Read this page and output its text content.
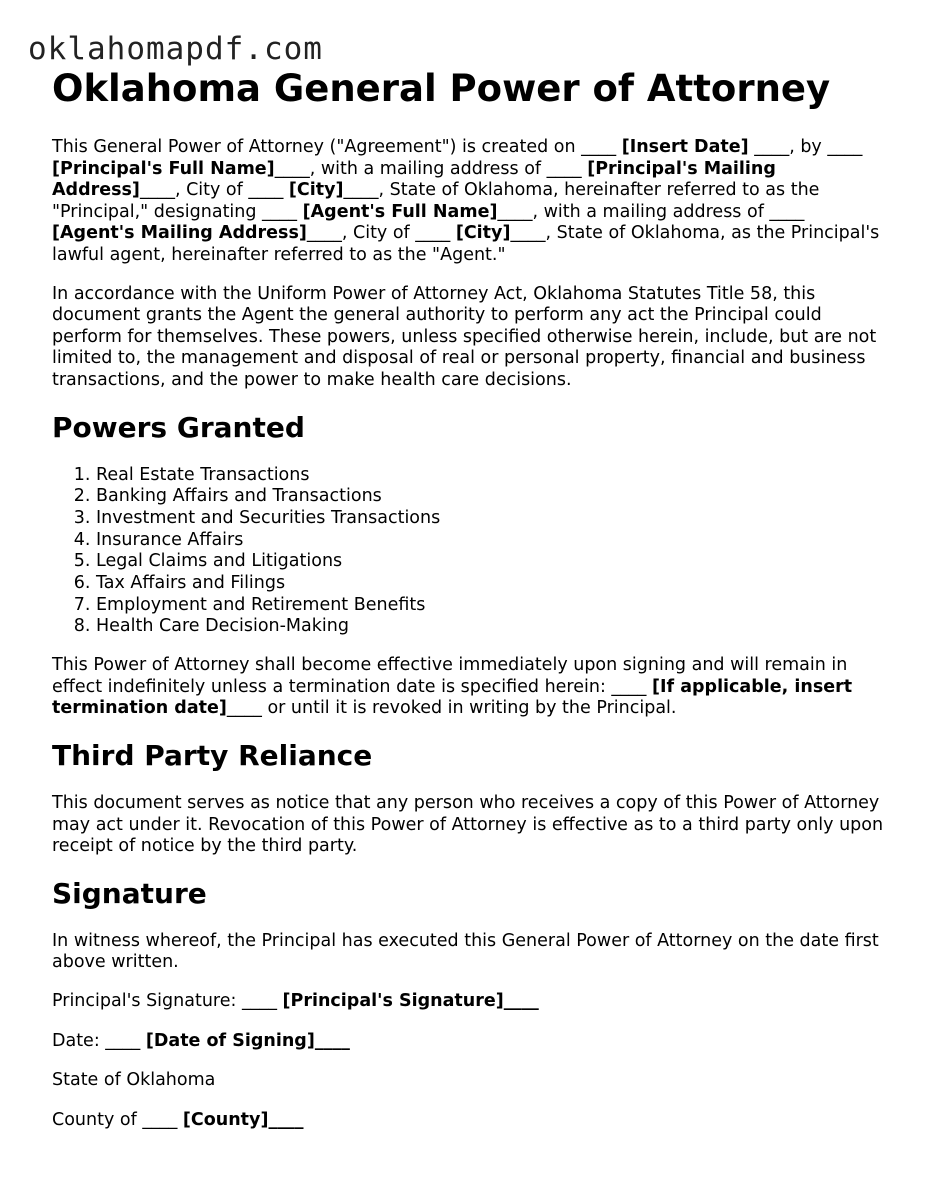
oklahomapdf.com
Oklahoma General Power of Attorney

This General Power of Attorney ("Agreement") is created on ____ [Insert Date] ____, by ____ [Principal's Full Name]____, with a mailing address of ____ [Principal's Mailing Address]____, City of ____ [City]____, State of Oklahoma, hereinafter referred to as the "Principal," designating ____ [Agent's Full Name]____, with a mailing address of ____ [Agent's Mailing Address]____, City of ____ [City]____, State of Oklahoma, as the Principal's lawful agent, hereinafter referred to as the "Agent."

In accordance with the Uniform Power of Attorney Act, Oklahoma Statutes Title 58, this document grants the Agent the general authority to perform any act the Principal could perform for themselves. These powers, unless specified otherwise herein, include, but are not limited to, the management and disposal of real or personal property, financial and business transactions, and the power to make health care decisions.

Powers Granted
1. Real Estate Transactions
2. Banking Affairs and Transactions
3. Investment and Securities Transactions
4. Insurance Affairs
5. Legal Claims and Litigations
6. Tax Affairs and Filings
7. Employment and Retirement Benefits
8. Health Care Decision-Making

This Power of Attorney shall become effective immediately upon signing and will remain in effect indefinitely unless a termination date is specified herein: ____ [If applicable, insert termination date]____ or until it is revoked in writing by the Principal.

Third Party Reliance

This document serves as notice that any person who receives a copy of this Power of Attorney may act under it. Revocation of this Power of Attorney is effective as to a third party only upon receipt of notice by the third party.

Signature

In witness whereof, the Principal has executed this General Power of Attorney on the date first above written.

Principal's Signature: ____ [Principal's Signature]____

Date: ____ [Date of Signing]____

State of Oklahoma

County of ____ [County]____
